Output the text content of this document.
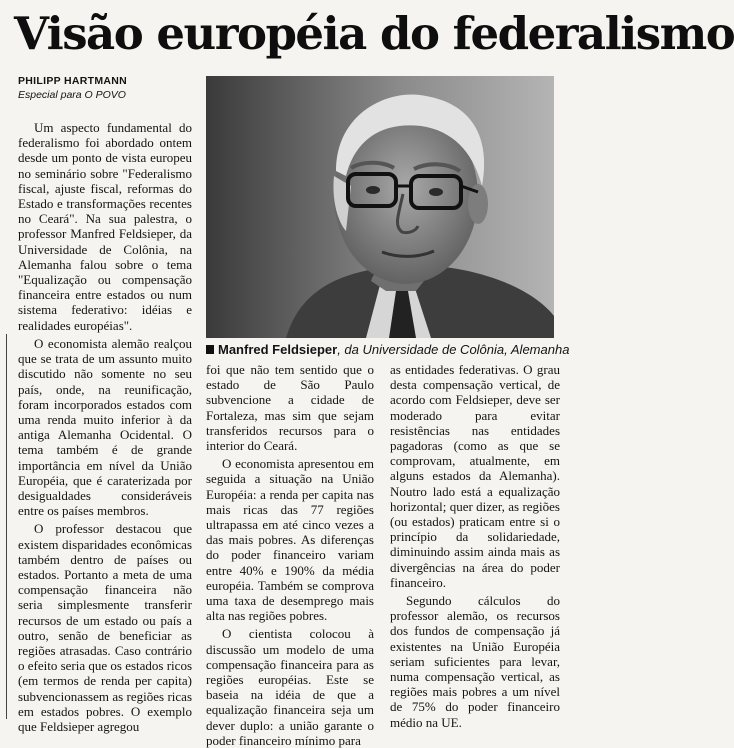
Visão européia do federalismo
PHILIPP HARTMANN
Especial para O POVO
Manfred Feldsieper, da Universidade de Colônia, Alemanha

Um aspecto fundamental do federalismo foi abordado ontem desde um ponto de vista europeu no seminário sobre "Federalismo fiscal, ajuste fiscal, reformas do Estado e transformações recentes no Ceará". Na sua palestra, o professor Manfred Feldsieper, da Universidade de Colônia, na Alemanha falou sobre o tema "Equalização ou compensação financeira entre estados ou num sistema federativo: idéias e realidades européias".

O economista alemão realçou que se trata de um assunto muito discutido não somente no seu país, onde, na reunificação, foram incorporados estados com uma renda muito inferior à da antiga Alemanha Ocidental. O tema também é de grande importância em nível da União Européia, que é caraterizada por desigualdades consideráveis entre os países membros.

O professor destacou que existem disparidades econômicas também dentro de países ou estados. Portanto a meta de uma compensação financeira não seria simplesmente transferir recursos de um estado ou país a outro, senão de beneficiar as regiões atrasadas. Caso contrário o efeito seria que os estados ricos (em termos de renda per capita) subvencionassem as regiões ricas em estados pobres. O exemplo que Feldsieper agregou

foi que não tem sentido que o estado de São Paulo subvencione a cidade de Fortaleza, mas sim que sejam transferidos recursos para o interior do Ceará.

O economista apresentou em seguida a situação na União Européia: a renda per capita nas mais ricas das 77 regiões ultrapassa em até cinco vezes a das mais pobres. As diferenças do poder financeiro variam entre 40% e 190% da média européia. Também se comprova uma taxa de desemprego mais alta nas regiões pobres.

O cientista colocou à discussão um modelo de uma compensação financeira para as regiões européias. Este se baseia na idéia de que a equalização financeira seja um dever duplo: a união garante o poder financeiro mínimo para

as entidades federativas. O grau desta compensação vertical, de acordo com Feldsieper, deve ser moderado para evitar resistências nas entidades pagadoras (como as que se comprovam, atualmente, em alguns estados da Alemanha). Noutro lado está a equalização horizontal; quer dizer, as regiões (ou estados) praticam entre si o princípio da solidariedade, diminuindo assim ainda mais as divergências na área do poder financeiro.

Segundo cálculos do professor alemão, os recursos dos fundos de compensação já existentes na União Européia seriam suficientes para levar, numa compensação vertical, as regiões mais pobres a um nível de 75% do poder financeiro médio na UE.
